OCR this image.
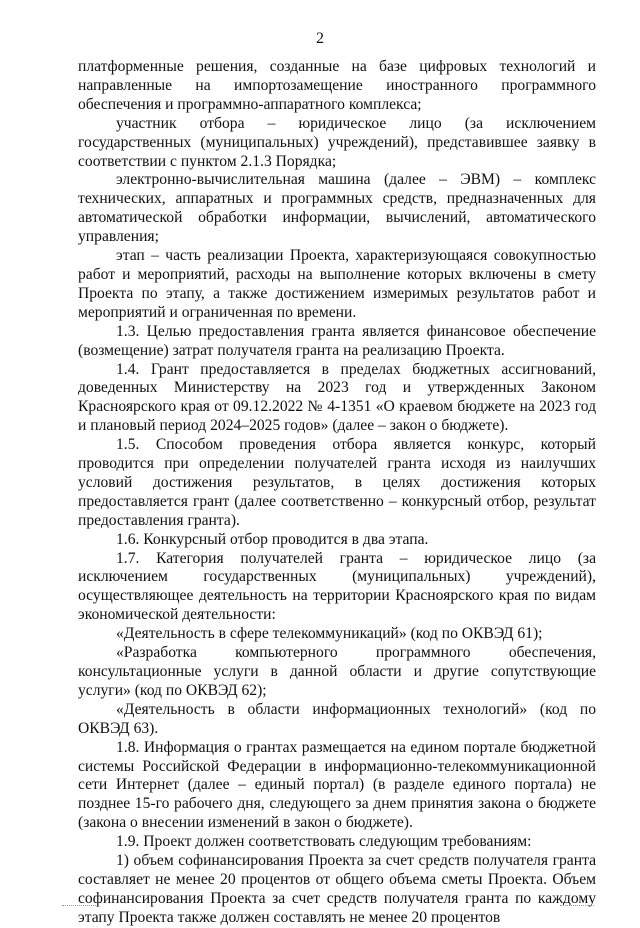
2

платформенные решения, созданные на базе цифровых технологий и направленные на импортозамещение иностранного программного обеспечения и программно-аппаратного комплекса;

участник отбора – юридическое лицо (за исключением государственных (муниципальных) учреждений), представившее заявку в соответствии с пунктом 2.1.3 Порядка;

электронно-вычислительная машина (далее – ЭВМ) – комплекс технических, аппаратных и программных средств, предназначенных для автоматической обработки информации, вычислений, автоматического управления;

этап – часть реализации Проекта, характеризующаяся совокупностью работ и мероприятий, расходы на выполнение которых включены в смету Проекта по этапу, а также достижением измеримых результатов работ и мероприятий и ограниченная по времени.

1.3. Целью предоставления гранта является финансовое обеспечение (возмещение) затрат получателя гранта на реализацию Проекта.

1.4. Грант предоставляется в пределах бюджетных ассигнований, доведенных Министерству на 2023 год и утвержденных Законом Красноярского края от 09.12.2022 № 4-1351 «О краевом бюджете на 2023 год и плановый период 2024–2025 годов» (далее – закон о бюджете).

1.5. Способом проведения отбора является конкурс, который проводится при определении получателей гранта исходя из наилучших условий достижения результатов, в целях достижения которых предоставляется грант (далее соответственно – конкурсный отбор, результат предоставления гранта).

1.6. Конкурсный отбор проводится в два этапа.

1.7. Категория получателей гранта – юридическое лицо (за исключением государственных (муниципальных) учреждений), осуществляющее деятельность на территории Красноярского края по видам экономической деятельности:

«Деятельность в сфере телекоммуникаций» (код по ОКВЭД 61);

«Разработка компьютерного программного обеспечения, консультационные услуги в данной области и другие сопутствующие услуги» (код по ОКВЭД 62);

«Деятельность в области информационных технологий» (код по ОКВЭД 63).

1.8. Информация о грантах размещается на едином портале бюджетной системы Российской Федерации в информационно-телекоммуникационной сети Интернет (далее – единый портал) (в разделе единого портала) не позднее 15-го рабочего дня, следующего за днем принятия закона о бюджете (закона о внесении изменений в закон о бюджете).

1.9. Проект должен соответствовать следующим требованиям:

1) объем софинансирования Проекта за счет средств получателя гранта составляет не менее 20 процентов от общего объема сметы Проекта. Объем софинансирования Проекта за счет средств получателя гранта по каждому этапу Проекта также должен составлять не менее 20 процентов
